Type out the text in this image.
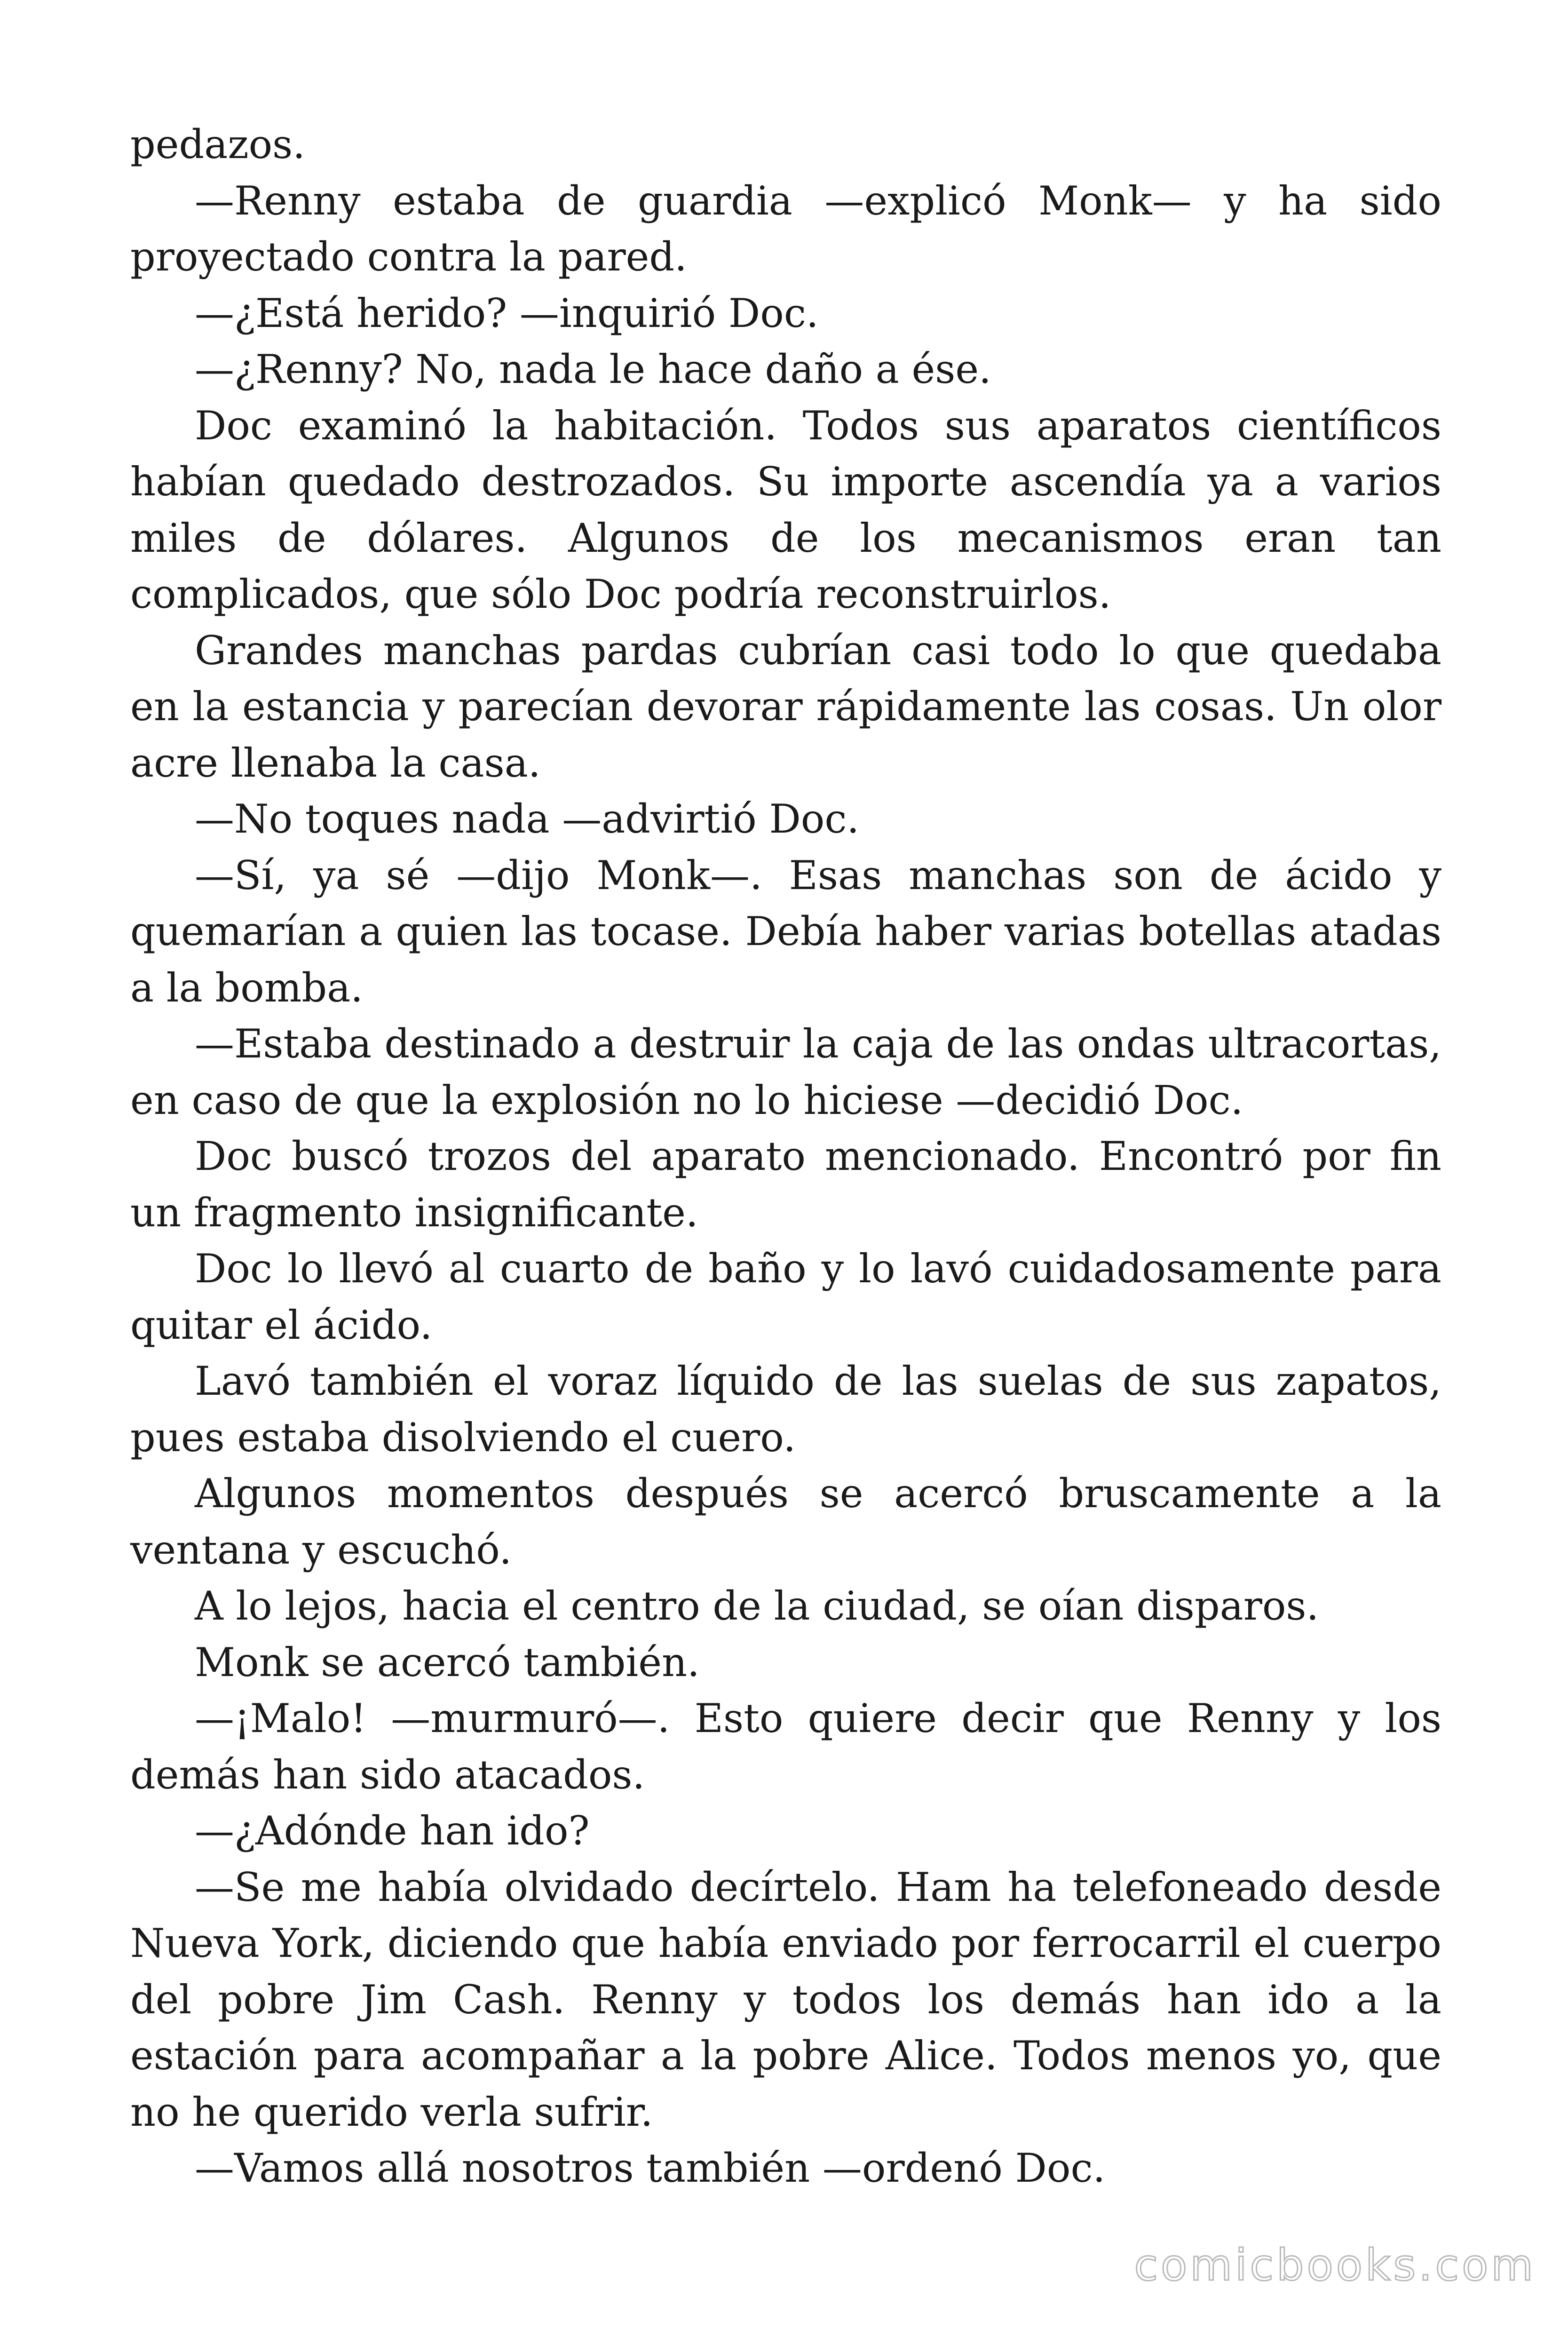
pedazos.

—Renny estaba de guardia —explicó Monk— y ha sido proyectado contra la pared.

—¿Está herido? —inquirió Doc.

—¿Renny? No, nada le hace daño a ése.

Doc examinó la habitación. Todos sus aparatos científicos habían quedado destrozados. Su importe ascendía ya a varios miles de dólares. Algunos de los mecanismos eran tan complicados, que sólo Doc podría reconstruirlos.

Grandes manchas pardas cubrían casi todo lo que quedaba en la estancia y parecían devorar rápidamente las cosas. Un olor acre llenaba la casa.

—No toques nada —advirtió Doc.

—Sí, ya sé —dijo Monk—. Esas manchas son de ácido y quemarían a quien las tocase. Debía haber varias botellas atadas a la bomba.

—Estaba destinado a destruir la caja de las ondas ultracortas, en caso de que la explosión no lo hiciese —decidió Doc.

Doc buscó trozos del aparato mencionado. Encontró por fin un fragmento insignificante.

Doc lo llevó al cuarto de baño y lo lavó cuidadosamente para quitar el ácido.

Lavó también el voraz líquido de las suelas de sus zapatos, pues estaba disolviendo el cuero.

Algunos momentos después se acercó bruscamente a la ventana y escuchó.

A lo lejos, hacia el centro de la ciudad, se oían disparos.

Monk se acercó también.

—¡Malo! —murmuró—. Esto quiere decir que Renny y los demás han sido atacados.

—¿Adónde han ido?

—Se me había olvidado decírtelo. Ham ha telefoneado desde Nueva York, diciendo que había enviado por ferrocarril el cuerpo del pobre Jim Cash. Renny y todos los demás han ido a la estación para acompañar a la pobre Alice. Todos menos yo, que no he querido verla sufrir.

—Vamos allá nosotros también —ordenó Doc.

comicbooks.com
